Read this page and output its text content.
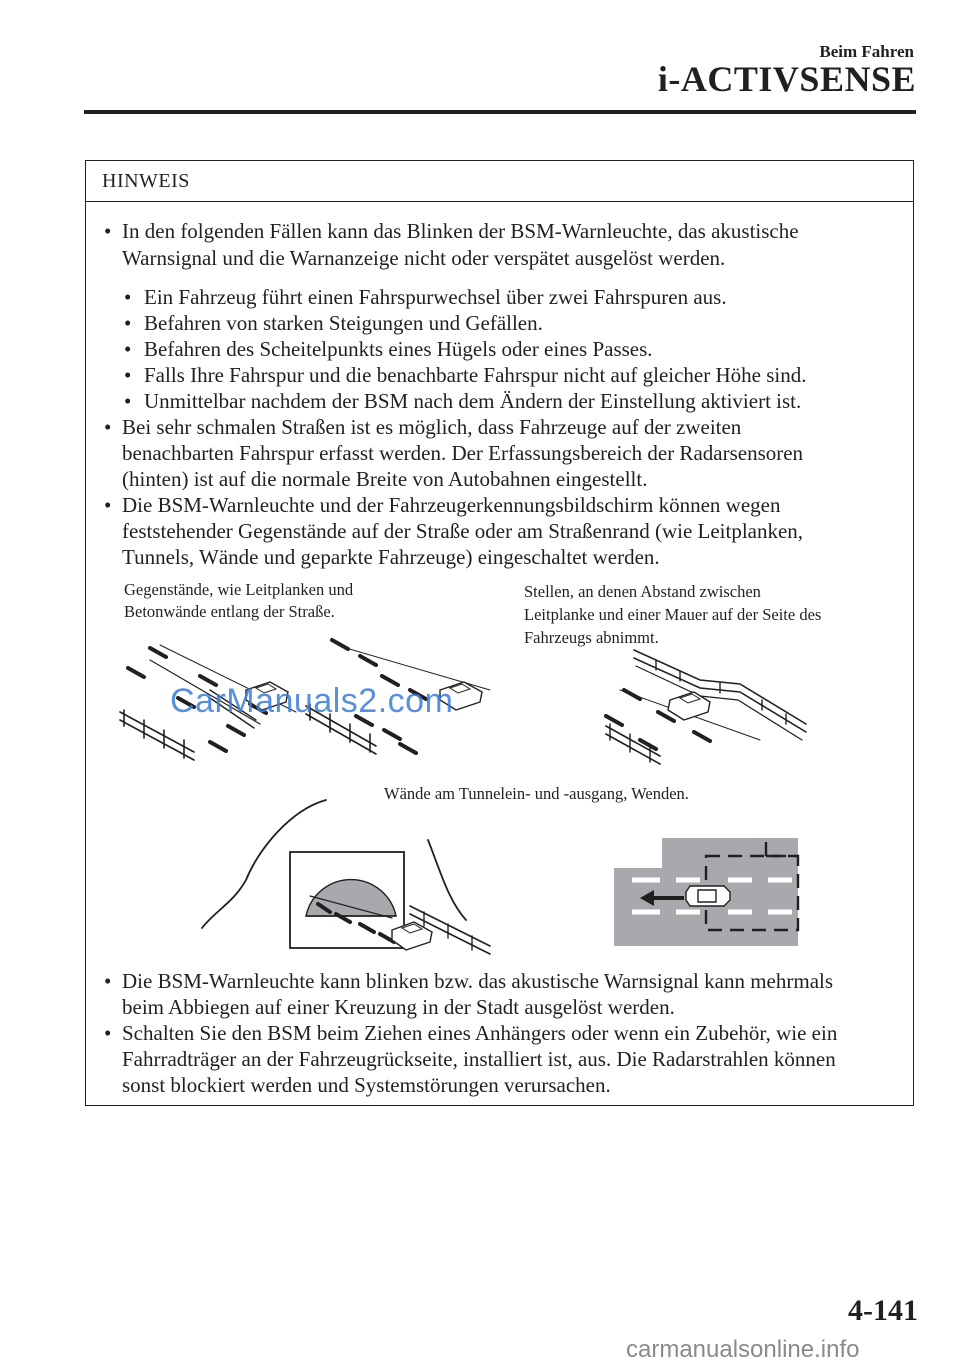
Beim Fahren
i-ACTIVSENSE
HINWEIS
• In den folgenden Fällen kann das Blinken der BSM-Warnleuchte, das akustische
Warnsignal und die Warnanzeige nicht oder verspätet ausgelöst werden.
• Ein Fahrzeug führt einen Fahrspurwechsel über zwei Fahrspuren aus.
• Befahren von starken Steigungen und Gefällen.
• Befahren des Scheitelpunkts eines Hügels oder eines Passes.
• Falls Ihre Fahrspur und die benachbarte Fahrspur nicht auf gleicher Höhe sind.
• Unmittelbar nachdem der BSM nach dem Ändern der Einstellung aktiviert ist.
• Bei sehr schmalen Straßen ist es möglich, dass Fahrzeuge auf der zweiten
benachbarten Fahrspur erfasst werden. Der Erfassungsbereich der Radarsensoren
(hinten) ist auf die normale Breite von Autobahnen eingestellt.
• Die BSM-Warnleuchte und der Fahrzeugerkennungsbildschirm können wegen
feststehender Gegenstände auf der Straße oder am Straßenrand (wie Leitplanken,
Tunnels, Wände und geparkte Fahrzeuge) eingeschaltet werden.
Gegenstände, wie Leitplanken und
Betonwände entlang der Straße.
Stellen, an denen Abstand zwischen
Leitplanke und einer Mauer auf der Seite des
Fahrzeugs abnimmt.
Wände am Tunnelein- und -ausgang, Wenden.
• Die BSM-Warnleuchte kann blinken bzw. das akustische Warnsignal kann mehrmals
beim Abbiegen auf einer Kreuzung in der Stadt ausgelöst werden.
• Schalten Sie den BSM beim Ziehen eines Anhängers oder wenn ein Zubehör, wie ein
Fahrradträger an der Fahrzeugrückseite, installiert ist, aus. Die Radarstrahlen können
sonst blockiert werden und Systemstörungen verursachen.
CarManuals2.com
carmanualsonline.info
4-141
